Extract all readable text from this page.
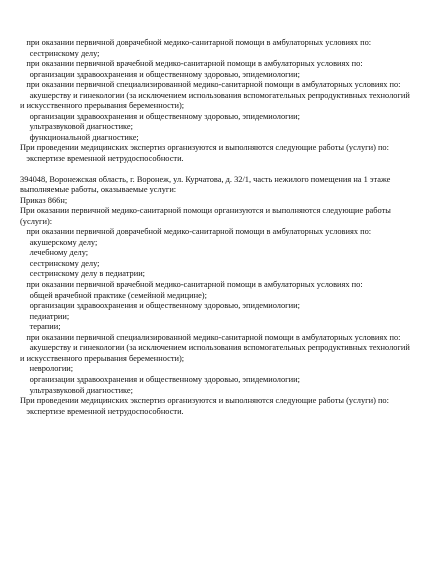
при оказании первичной доврачебной медико-санитарной помощи в амбулаторных условиях по:
сестринскому делу;
при оказании первичной врачебной медико-санитарной помощи в амбулаторных условиях по:
организации здравоохранения и общественному здоровью, эпидемиологии;
при оказании первичной специализированной медико-санитарной помощи в амбулаторных условиях по:
акушерству и гинекологии (за исключением использования вспомогательных репродуктивных технологий и искусственного прерывания беременности);
организации здравоохранения и общественному здоровью, эпидемиологии;
ультразвуковой диагностике;
функциональной диагностике;
При проведении медицинских экспертиз организуются и выполняются следующие работы (услуги) по:
экспертизе временной нетрудоспособности.
394048, Воронежская область, г. Воронеж, ул. Курчатова, д. 32/1, часть нежилого помещения на 1 этаже
выполняемые работы, оказываемые услуги:
Приказ 866н;
При оказании первичной медико-санитарной помощи организуются и выполняются следующие работы (услуги):
при оказании первичной доврачебной медико-санитарной помощи в амбулаторных условиях по:
акушерскому делу;
лечебному делу;
сестринскому делу;
сестринскому делу в педиатрии;
при оказании первичной врачебной медико-санитарной помощи в амбулаторных условиях по:
общей врачебной практике (семейной медицине);
организации здравоохранения и общественному здоровью, эпидемиологии;
педиатрии;
терапии;
при оказании первичной специализированной медико-санитарной помощи в амбулаторных условиях по:
акушерству и гинекологии (за исключением использования вспомогательных репродуктивных технологий и искусственного прерывания беременности);
неврологии;
организации здравоохранения и общественному здоровью, эпидемиологии;
ультразвуковой диагностике;
При проведении медицинских экспертиз организуются и выполняются следующие работы (услуги) по:
экспертизе временной нетрудоспособности.
